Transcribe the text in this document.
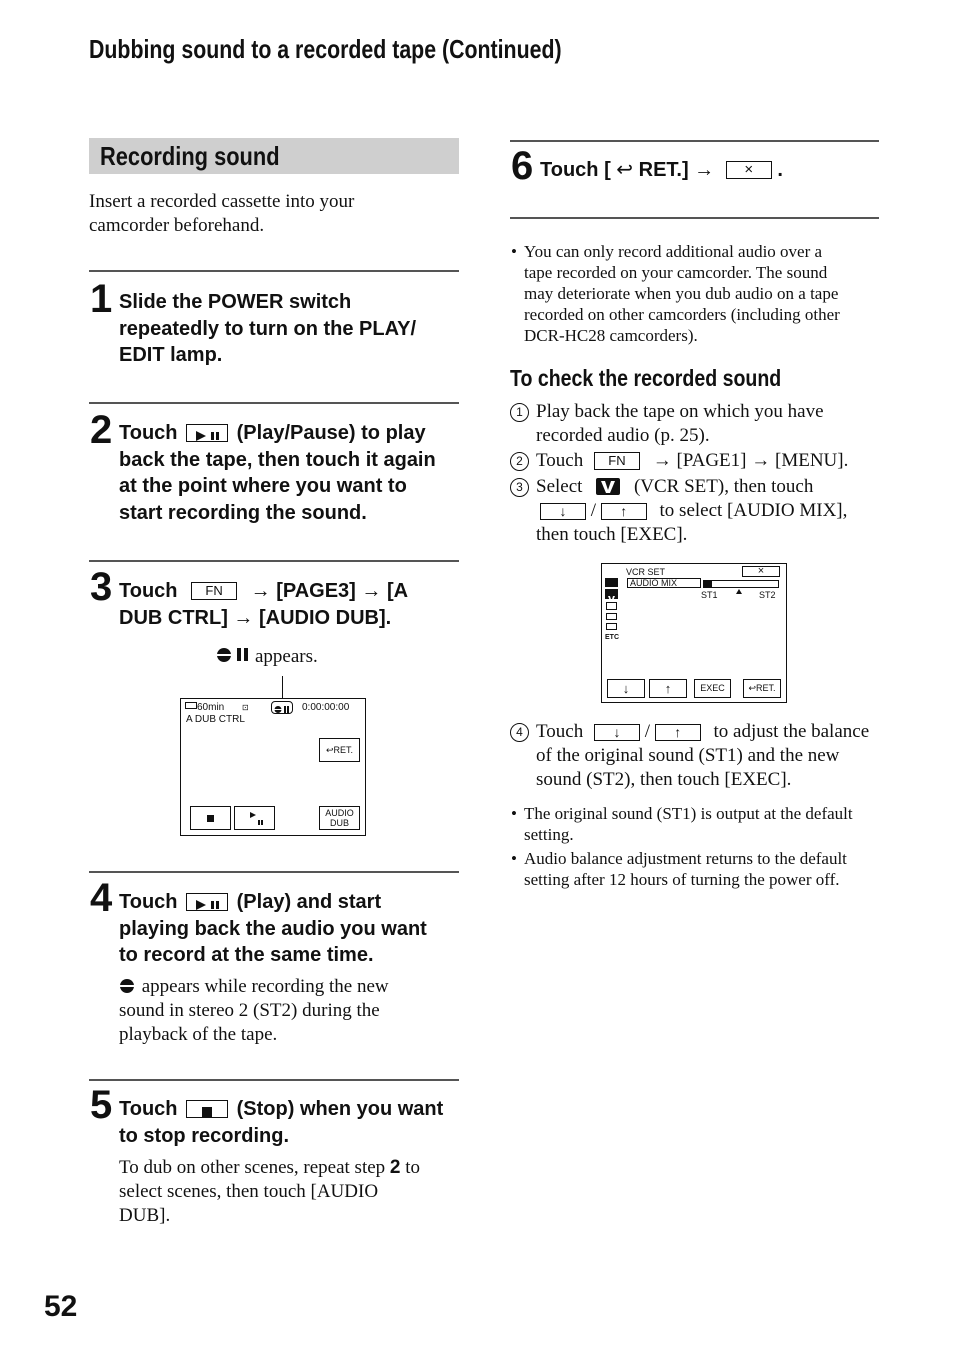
Dubbing sound to a recorded tape (Continued)
Recording sound
Insert a recorded cassette into your
camcorder beforehand.
1 Slide the POWER switch
repeatedly to turn on the PLAY/
EDIT lamp.
2 Touch	(Play/Pause) to play
back the tape, then touch it again
at the point where you want to
start recording the sound.
3 Touch FN → [PAGE3] → [A
DUB CTRL] → [AUDIO DUB].
appears.
60min ⊡	0:00:00:00
A DUB CTRL
↩RET.
AUDIO
DUB
4 Touch	(Play) and start
playing back the audio you want
to record at the same time.
appears while recording the new
sound in stereo 2 (ST2) during the
playback of the tape.
5 Touch	(Stop) when you want
to stop recording.
To dub on other scenes, repeat step 2 to
select scenes, then touch [AUDIO
DUB].
52
6 Touch [ ↩ RET.] → × .
• You can only record additional audio over a
tape recorded on your camcorder. The sound
may deteriorate when you dub audio on a tape
recorded on other camcorders (including other
DCR-HC28 camcorders).
To check the recorded sound
1 Play back the tape on which you have
recorded audio (p. 25).
2 Touch FN → [PAGE1] → [MENU].
3 Select	(VCR SET), then touch
↓ / ↑ to select [AUDIO MIX],
then touch [EXEC].
VCR SET	×
ETC
AUDIO MIX
ST1	ST2
↓	↑	EXEC	↩RET.
4 Touch ↓ / ↑ to adjust the balance
of the original sound (ST1) and the new
sound (ST2), then touch [EXEC].
• The original sound (ST1) is output at the default
setting.
• Audio balance adjustment returns to the default
setting after 12 hours of turning the power off.
